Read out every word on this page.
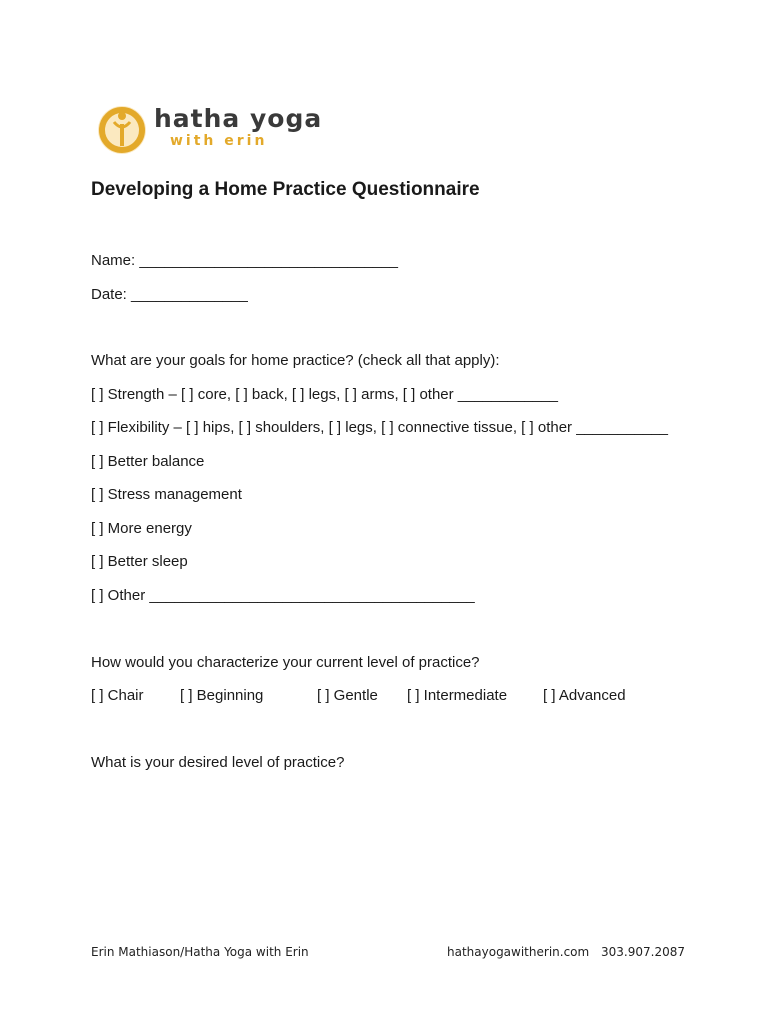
hatha yoga
with erin
Developing a Home Practice Questionnaire
Name: _______________________________
Date: ______________
What are your goals for home practice? (check all that apply):
[ ] Strength – [ ] core, [ ] back, [ ] legs, [ ] arms, [ ] other ____________
[ ] Flexibility – [ ] hips, [ ] shoulders, [ ] legs, [ ] connective tissue, [ ] other ___________
[ ] Better balance
[ ] Stress management
[ ] More energy
[ ] Better sleep
[ ] Other _______________________________________
How would you characterize your current level of practice?
[ ] Chair [ ] Beginning	[ ] Gentle [ ] Intermediate [ ] Advanced
What is your desired level of practice?
Erin Mathiason/Hatha Yoga with Erin	hathayogawitherin.com 303.907.2087
